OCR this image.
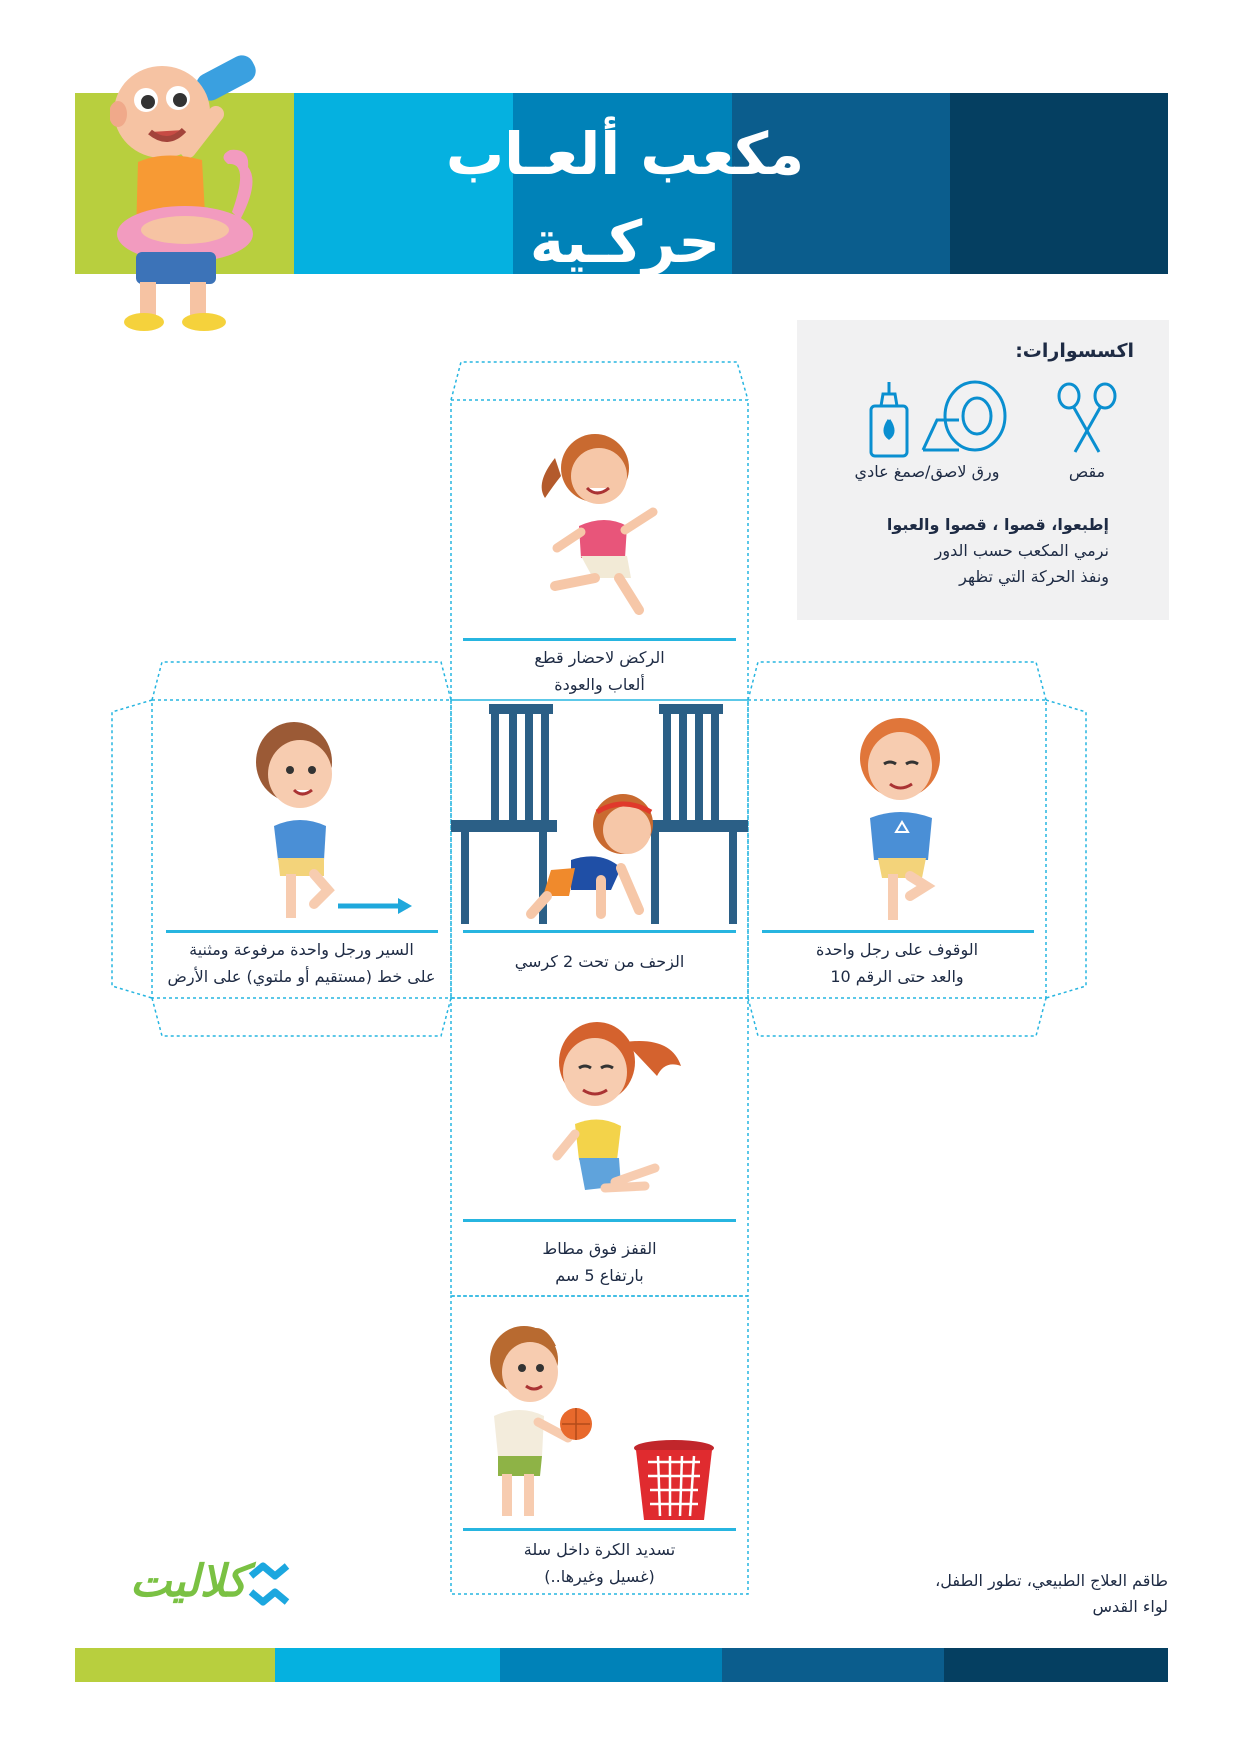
مكعب ألعـاب
حركـية
اكسسوارات:
مقص
ورق لاصق/صمغ عادي
إطبعوا، قصوا ، قصوا والعبوا
نرمي المكعب حسب الدور
ونفذ الحركة التي تظهر
الركض لاحضار قطع
ألعاب والعودة
السير ورجل واحدة مرفوعة ومثنية
على خط (مستقيم أو ملتوي) على الأرض
الزحف من تحت 2 كرسي
الوقوف على رجل واحدة
والعد حتى الرقم 10
القفز فوق مطاط
بارتفاع 5 سم
تسديد الكرة داخل سلة
(غسيل وغيرها..)
كلاليت	طاقم العلاج الطبيعي، تطور الطفل،
لواء القدس
